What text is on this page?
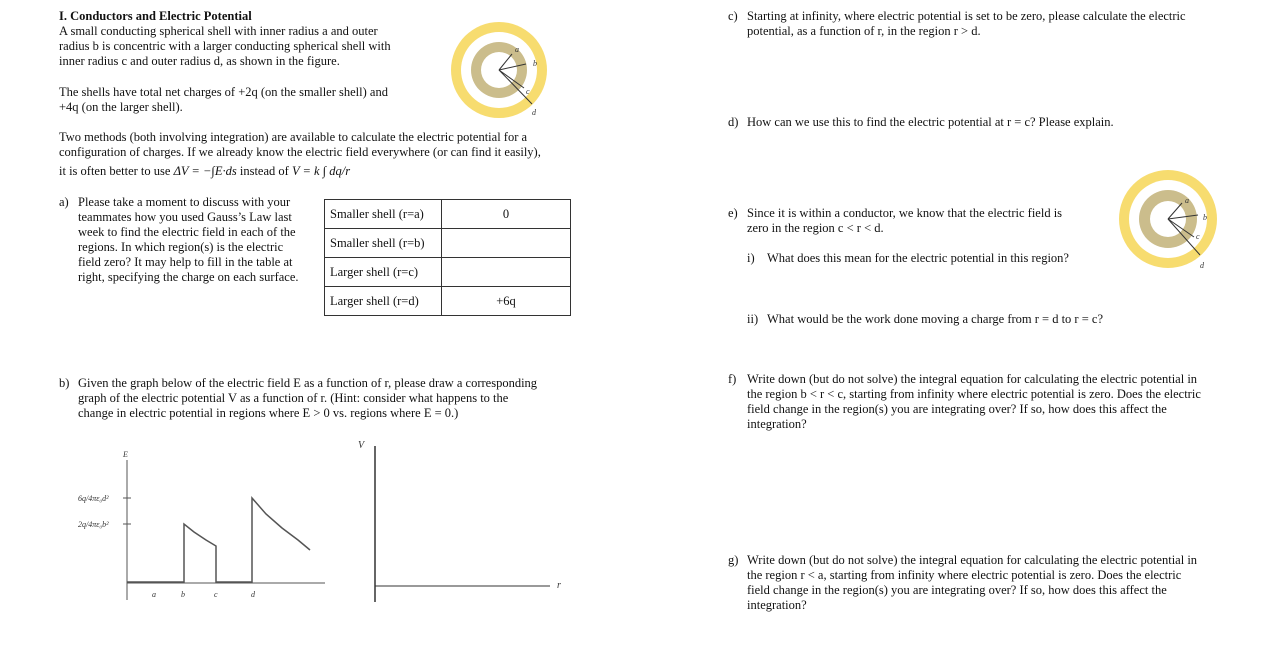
I. Conductors and Electric Potential
A small conducting spherical shell with inner radius a and outer
radius b is concentric with a larger conducting spherical shell with
inner radius c and outer radius d, as shown in the figure.
The shells have total net charges of +2q (on the smaller shell) and
+4q (on the larger shell).
a
b
c
d
Two methods (both involving integration) are available to calculate the electric potential for a
configuration of charges. If we already know the electric field everywhere (or can find it easily),
it is often better to use ΔV = −∫E·ds instead of V = k ∫ dq/r
a) Please take a moment to discuss with your
teammates how you used Gauss’s Law last
week to find the electric field in each of the
regions. In which region(s) is the electric
field zero? It may help to fill in the table at
right, specifying the charge on each surface.
Smaller shell (r=a)	0
Smaller shell (r=b)	
Larger shell (r=c)	
Larger shell (r=d)	+6q
b) Given the graph below of the electric field E as a function of r, please draw a corresponding
graph of the electric potential V as a function of r. (Hint: consider what happens to the
change in electric potential in regions where E > 0 vs. regions where E = 0.)
E
6q/4πε₀d²
2q/4πε₀b²
a	b	c	d
V
r
c) Starting at infinity, where electric potential is set to be zero, please calculate the electric
potential, as a function of r, in the region r > d.
d) How can we use this to find the electric potential at r = c? Please explain.
e) Since it is within a conductor, we know that the electric field is
zero in the region c < r < d.
i) What does this mean for the electric potential in this region?
ii) What would be the work done moving a charge from r = d to r = c?
a
b
c
d
f) Write down (but do not solve) the integral equation for calculating the electric potential in
the region b < r < c, starting from infinity where electric potential is zero. Does the electric
field change in the region(s) you are integrating over? If so, how does this affect the
integration?
g) Write down (but do not solve) the integral equation for calculating the electric potential in
the region r < a, starting from infinity where electric potential is zero. Does the electric
field change in the region(s) you are integrating over? If so, how does this affect the
integration?
